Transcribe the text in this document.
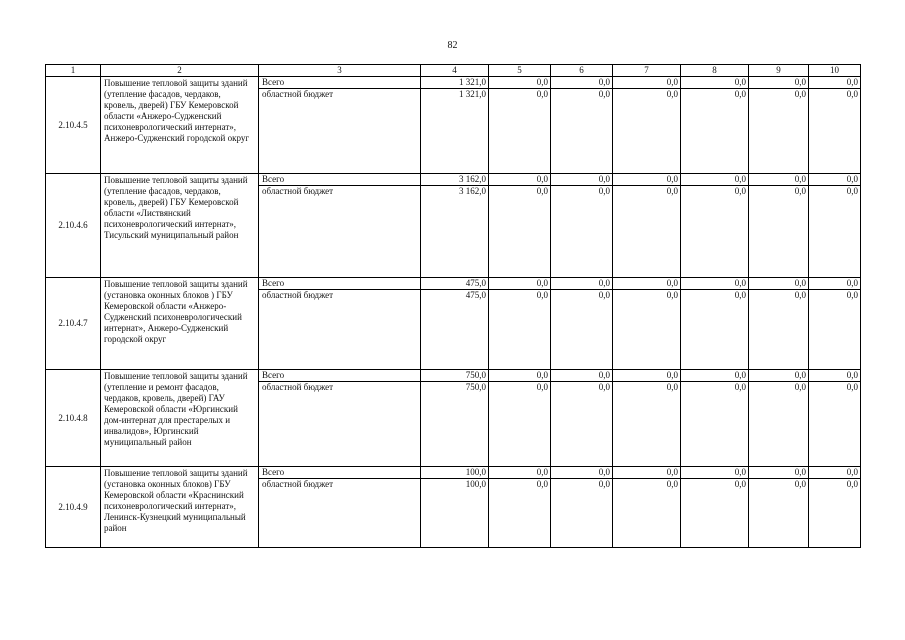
82
1	2	3	4	5	6	7	8	9	10
2.10.4.5	Повышение тепловой защиты зданий (утепление фасадов, чердаков, кровель, дверей) ГБУ Кемеровской области «Анжеро-Судженский психоневрологический интернат», Анжеро-Судженский городской округ	Всего	1 321,0	0,0	0,0	0,0	0,0	0,0	0,0
		областной бюджет	1 321,0	0,0	0,0	0,0	0,0	0,0	0,0
2.10.4.6	Повышение тепловой защиты зданий (утепление фасадов, чердаков, кровель, дверей) ГБУ Кемеровской области «Листвянский психоневрологический интернат», Тисульский муниципальный район	Всего	3 162,0	0,0	0,0	0,0	0,0	0,0	0,0
		областной бюджет	3 162,0	0,0	0,0	0,0	0,0	0,0	0,0
2.10.4.7	Повышение тепловой защиты зданий (установка оконных блоков ) ГБУ Кемеровской области «Анжеро-Судженский психоневрологический интернат», Анжеро-Судженский городской округ	Всего	475,0	0,0	0,0	0,0	0,0	0,0	0,0
		областной бюджет	475,0	0,0	0,0	0,0	0,0	0,0	0,0
2.10.4.8	Повышение тепловой защиты зданий (утепление и ремонт фасадов, чердаков, кровель, дверей) ГАУ Кемеровской области «Юргинский дом-интернат для престарелых и инвалидов», Юргинский муниципальный район	Всего	750,0	0,0	0,0	0,0	0,0	0,0	0,0
		областной бюджет	750,0	0,0	0,0	0,0	0,0	0,0	0,0
2.10.4.9	Повышение тепловой защиты зданий (установка оконных блоков) ГБУ Кемеровской области «Краснинский психоневрологический интернат», Ленинск-Кузнецкий муниципальный район	Всего	100,0	0,0	0,0	0,0	0,0	0,0	0,0
		областной бюджет	100,0	0,0	0,0	0,0	0,0	0,0	0,0
